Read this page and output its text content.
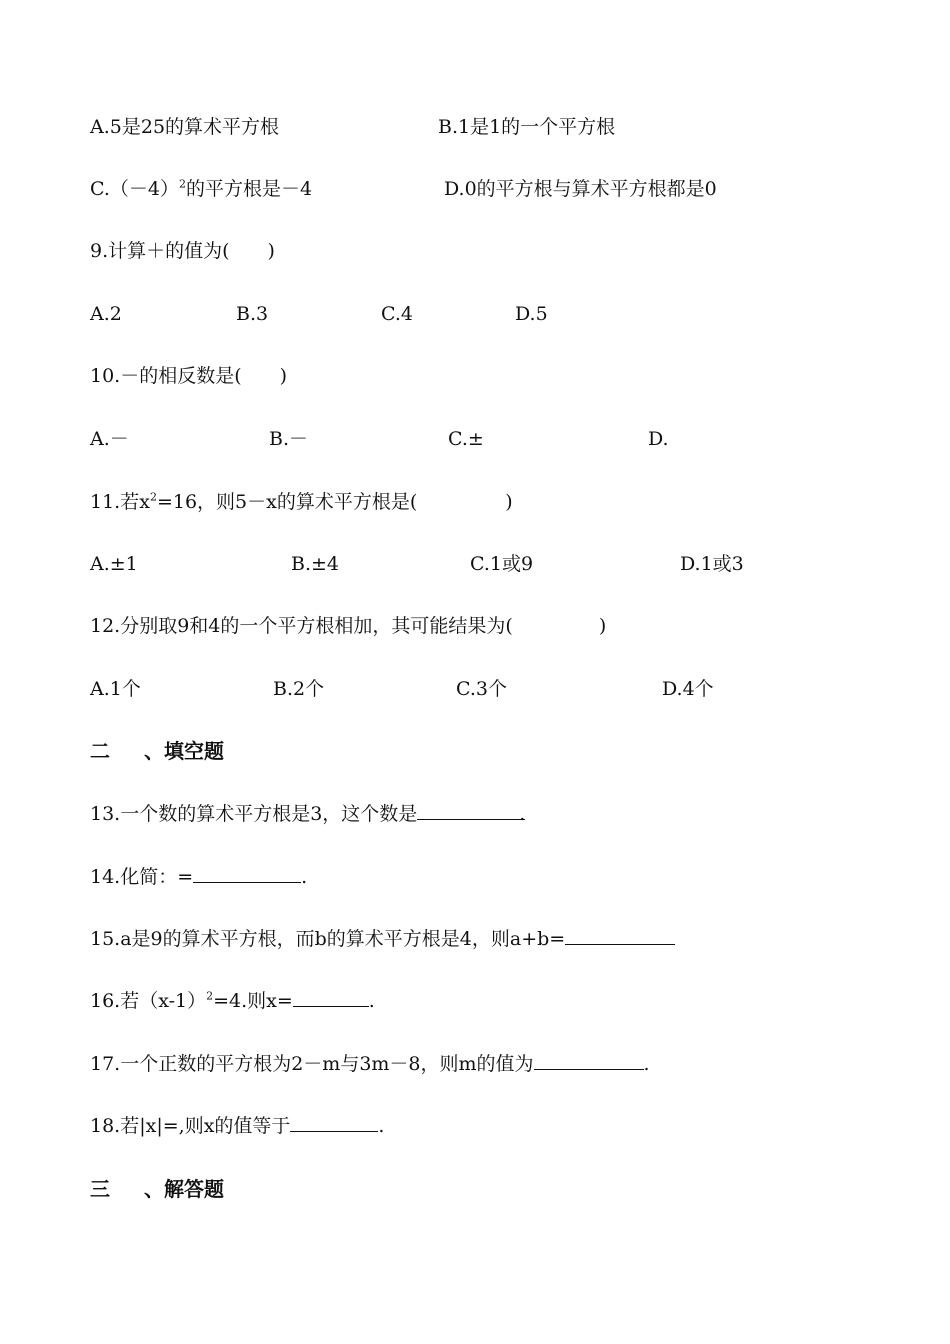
A.5是25的算术平方根	B.1是1的一个平方根
$C.(-4)^2$的平方根是－4	D.0的平方根与算术平方根都是0
9.计算＋的值为( )
A.2	B.3	C.4	D.5
10.－的相反数是( )
A.－	B.－	C.±	D.
11.若$x^2=16$，则5－x的算术平方根是(	)
A.±1	B.±4	C.1或9	D.1或3
12.分别取9和4的一个平方根相加，其可能结果为(	)
A.1个	B.2个	C.3个	D.4个
二 、填空题
13.一个数的算术平方根是3，这个数是	.
14.化简：=	.
15.a是9的算术平方根，而b的算术平方根是4，则a+b=
16.若$(x-1)^2=4$.则x=	.
17.一个正数的平方根为2－m与3m－8，则m的值为	.
18.若|x|=,则x的值等于	.
三 、解答题
